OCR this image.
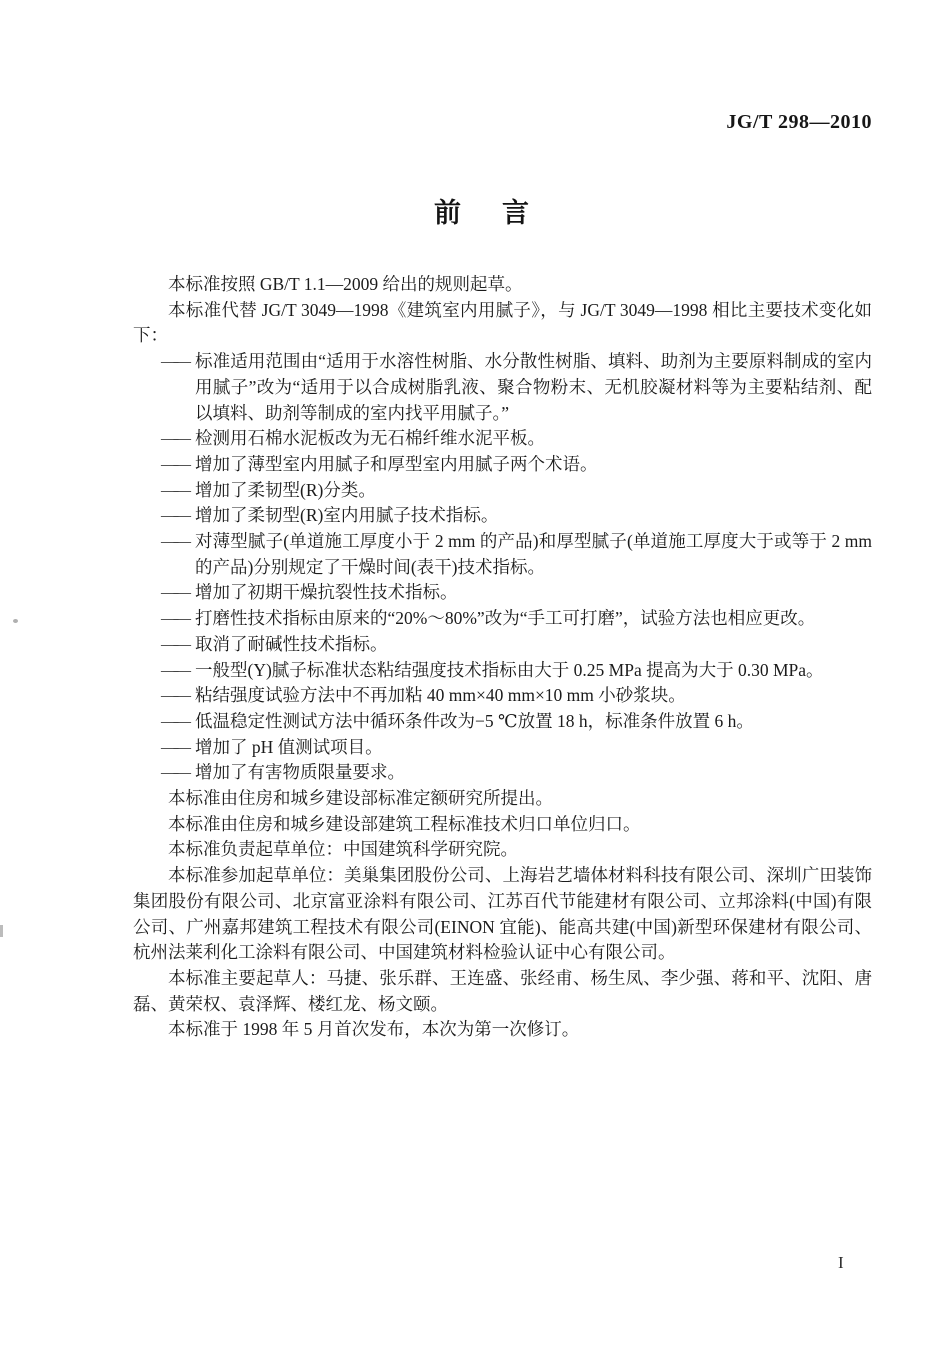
JG/T 298—2010
前　言

本标准按照 GB/T 1.1—2009 给出的规则起草。

本标准代替 JG/T 3049—1998《建筑室内用腻子》，与 JG/T 3049—1998 相比主要技术变化如下：

—— 标准适用范围由“适用于水溶性树脂、水分散性树脂、填料、助剂为主要原料制成的室内用腻子”改为“适用于以合成树脂乳液、聚合物粉末、无机胶凝材料等为主要粘结剂、配以填料、助剂等制成的室内找平用腻子。”
—— 检测用石棉水泥板改为无石棉纤维水泥平板。
—— 增加了薄型室内用腻子和厚型室内用腻子两个术语。
—— 增加了柔韧型(R)分类。
—— 增加了柔韧型(R)室内用腻子技术指标。
—— 对薄型腻子(单道施工厚度小于 2 mm 的产品)和厚型腻子(单道施工厚度大于或等于 2 mm 的产品)分别规定了干燥时间(表干)技术指标。
—— 增加了初期干燥抗裂性技术指标。
—— 打磨性技术指标由原来的“20%～80%”改为“手工可打磨”，试验方法也相应更改。
—— 取消了耐碱性技术指标。
—— 一般型(Y)腻子标准状态粘结强度技术指标由大于 0.25 MPa 提高为大于 0.30 MPa。
—— 粘结强度试验方法中不再加粘 40 mm×40 mm×10 mm 小砂浆块。
—— 低温稳定性测试方法中循环条件改为−5 ℃放置 18 h，标准条件放置 6 h。
—— 增加了 pH 值测试项目。
—— 增加了有害物质限量要求。

本标准由住房和城乡建设部标准定额研究所提出。

本标准由住房和城乡建设部建筑工程标准技术归口单位归口。

本标准负责起草单位：中国建筑科学研究院。

本标准参加起草单位：美巢集团股份公司、上海岩艺墙体材料科技有限公司、深圳广田装饰集团股份有限公司、北京富亚涂料有限公司、江苏百代节能建材有限公司、立邦涂料(中国)有限公司、广州嘉邦建筑工程技术有限公司(EINON 宜能)、能高共建(中国)新型环保建材有限公司、杭州法莱利化工涂料有限公司、中国建筑材料检验认证中心有限公司。

本标准主要起草人：马捷、张乐群、王连盛、张经甫、杨生凤、李少强、蒋和平、沈阳、唐磊、黄荣权、袁泽辉、楼红龙、杨文颐。

本标准于 1998 年 5 月首次发布，本次为第一次修订。

I
